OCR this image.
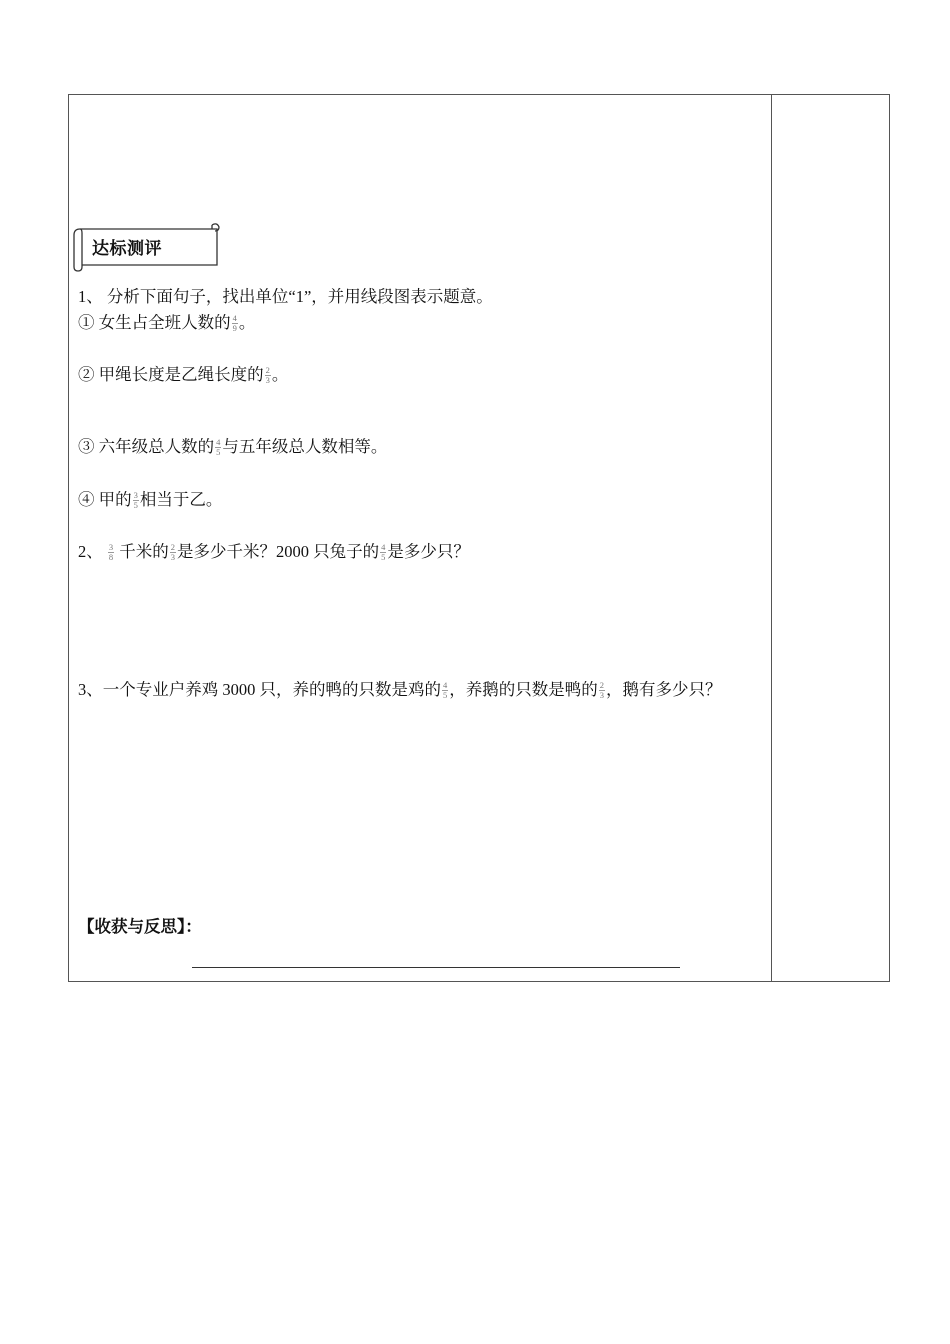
达标测评
1、 分析下面句子，找出单位“1”，并用线段图表示题意。
① 女生占全班人数的 $\frac{4}{9}$ 。
② 甲绳长度是乙绳长度的 $\frac{2}{3}$ 。
③ 六年级总人数的 $\frac{4}{5}$ 与五年级总人数相等。
④ 甲的 $\frac{3}{5}$ 相当于乙。
2、 $\frac{3}{8}$ 千米的 $\frac{2}{3}$ 是多少千米？2000 只兔子的 $\frac{4}{5}$ 是多少只？
3、一个专业户养鸡 3000 只，养的鸭的只数是鸡的 $\frac{4}{5}$ ，养鹅的只数是鸭的 $\frac{2}{3}$ ，鹅有多少只？
【收获与反思】：
